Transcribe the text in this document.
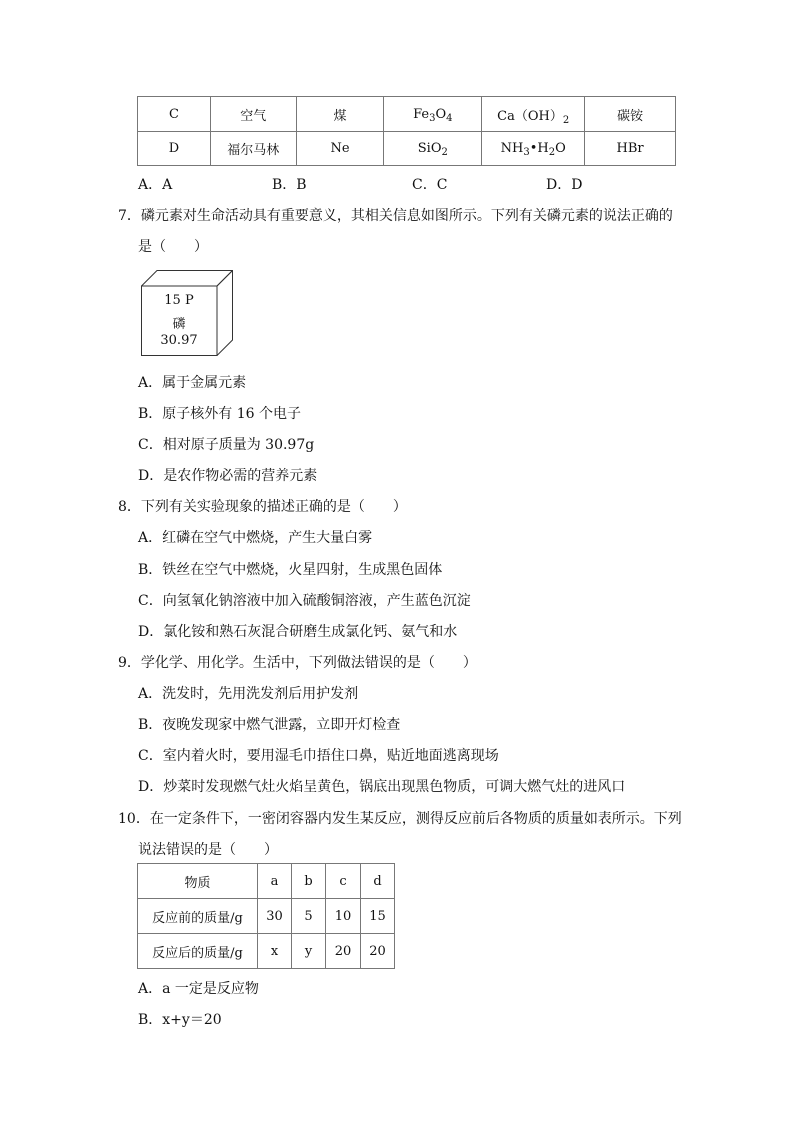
C	空气	煤	$Fe_3O_4$	$Ca(OH)_2$	碳铵
D	福尔马林	Ne	SiO$_2$	$NH_3•H_2O$	HBr
A．A	B．B	C．C	D．D
7．磷元素对生命活动具有重要意义，其相关信息如图所示。下列有关磷元素的说法正确的
是（　　）
15 P
磷
30.97
A．属于金属元素
B．原子核外有 16 个电子
C．相对原子质量为 30.97g
D．是农作物必需的营养元素
8．下列有关实验现象的描述正确的是（　　）
A．红磷在空气中燃烧，产生大量白雾
B．铁丝在空气中燃烧，火星四射，生成黑色固体
C．向氢氧化钠溶液中加入硫酸铜溶液，产生蓝色沉淀
D．氯化铵和熟石灰混合研磨生成氯化钙、氨气和水
9．学化学、用化学。生活中，下列做法错误的是（　　）
A．洗发时，先用洗发剂后用护发剂
B．夜晚发现家中燃气泄露，立即开灯检查
C．室内着火时，要用湿毛巾捂住口鼻，贴近地面逃离现场
D．炒菜时发现燃气灶火焰呈黄色，锅底出现黑色物质，可调大燃气灶的进风口
10．在一定条件下，一密闭容器内发生某反应，测得反应前后各物质的质量如表所示。下列
说法错误的是（　　）
物质	a	b	c	d
反应前的质量/g	30	5	10	15
反应后的质量/g	x	y	20	20
A．a 一定是反应物
B．x+y＝20
